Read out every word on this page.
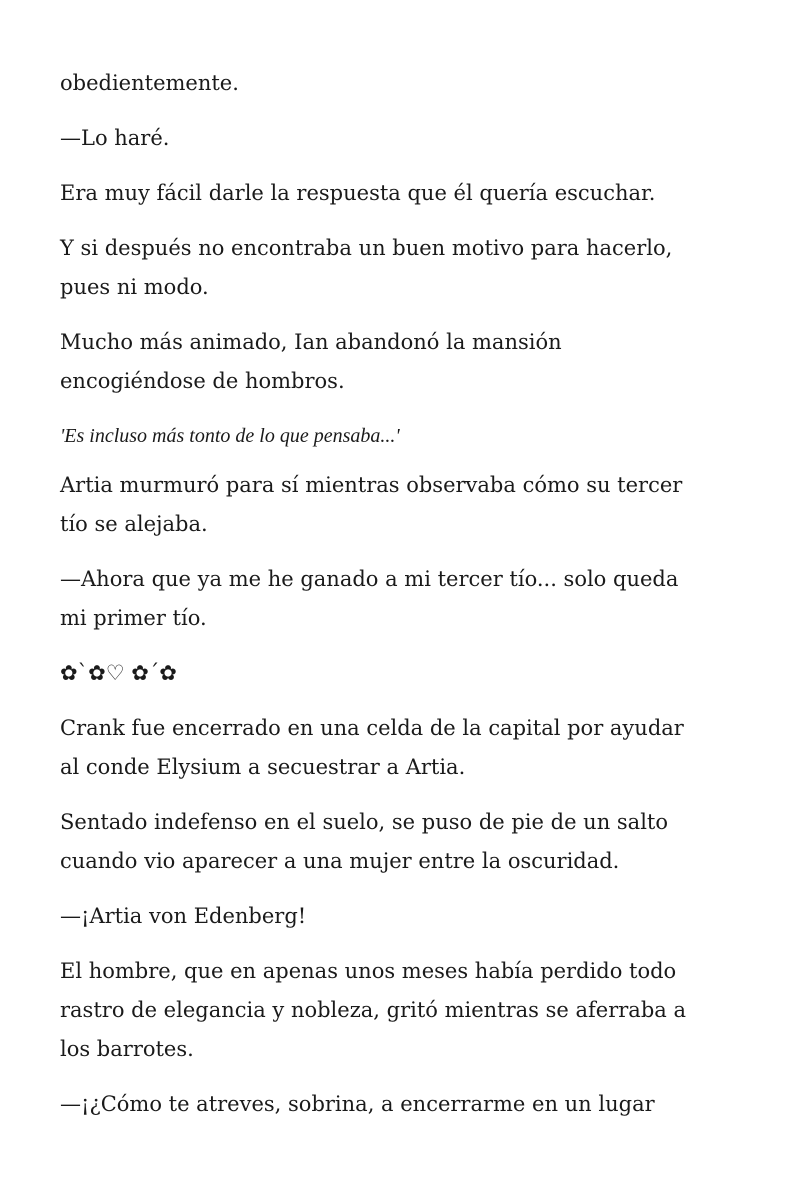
obedientemente.

—Lo haré.

Era muy fácil darle la respuesta que él quería escuchar.

Y si después no encontraba un buen motivo para hacerlo,
pues ni modo.

Mucho más animado, Ian abandonó la mansión
encogiéndose de hombros.

'Es incluso más tonto de lo que pensaba...'

Artia murmuró para sí mientras observaba cómo su tercer
tío se alejaba.

—Ahora que ya me he ganado a mi tercer tío... solo queda
mi primer tío.

✿`✿♡ ✿´✿

Crank fue encerrado en una celda de la capital por ayudar
al conde Elysium a secuestrar a Artia.

Sentado indefenso en el suelo, se puso de pie de un salto
cuando vio aparecer a una mujer entre la oscuridad.

—¡Artia von Edenberg!

El hombre, que en apenas unos meses había perdido todo
rastro de elegancia y nobleza, gritó mientras se aferraba a
los barrotes.

—¡¿Cómo te atreves, sobrina, a encerrarme en un lugar
